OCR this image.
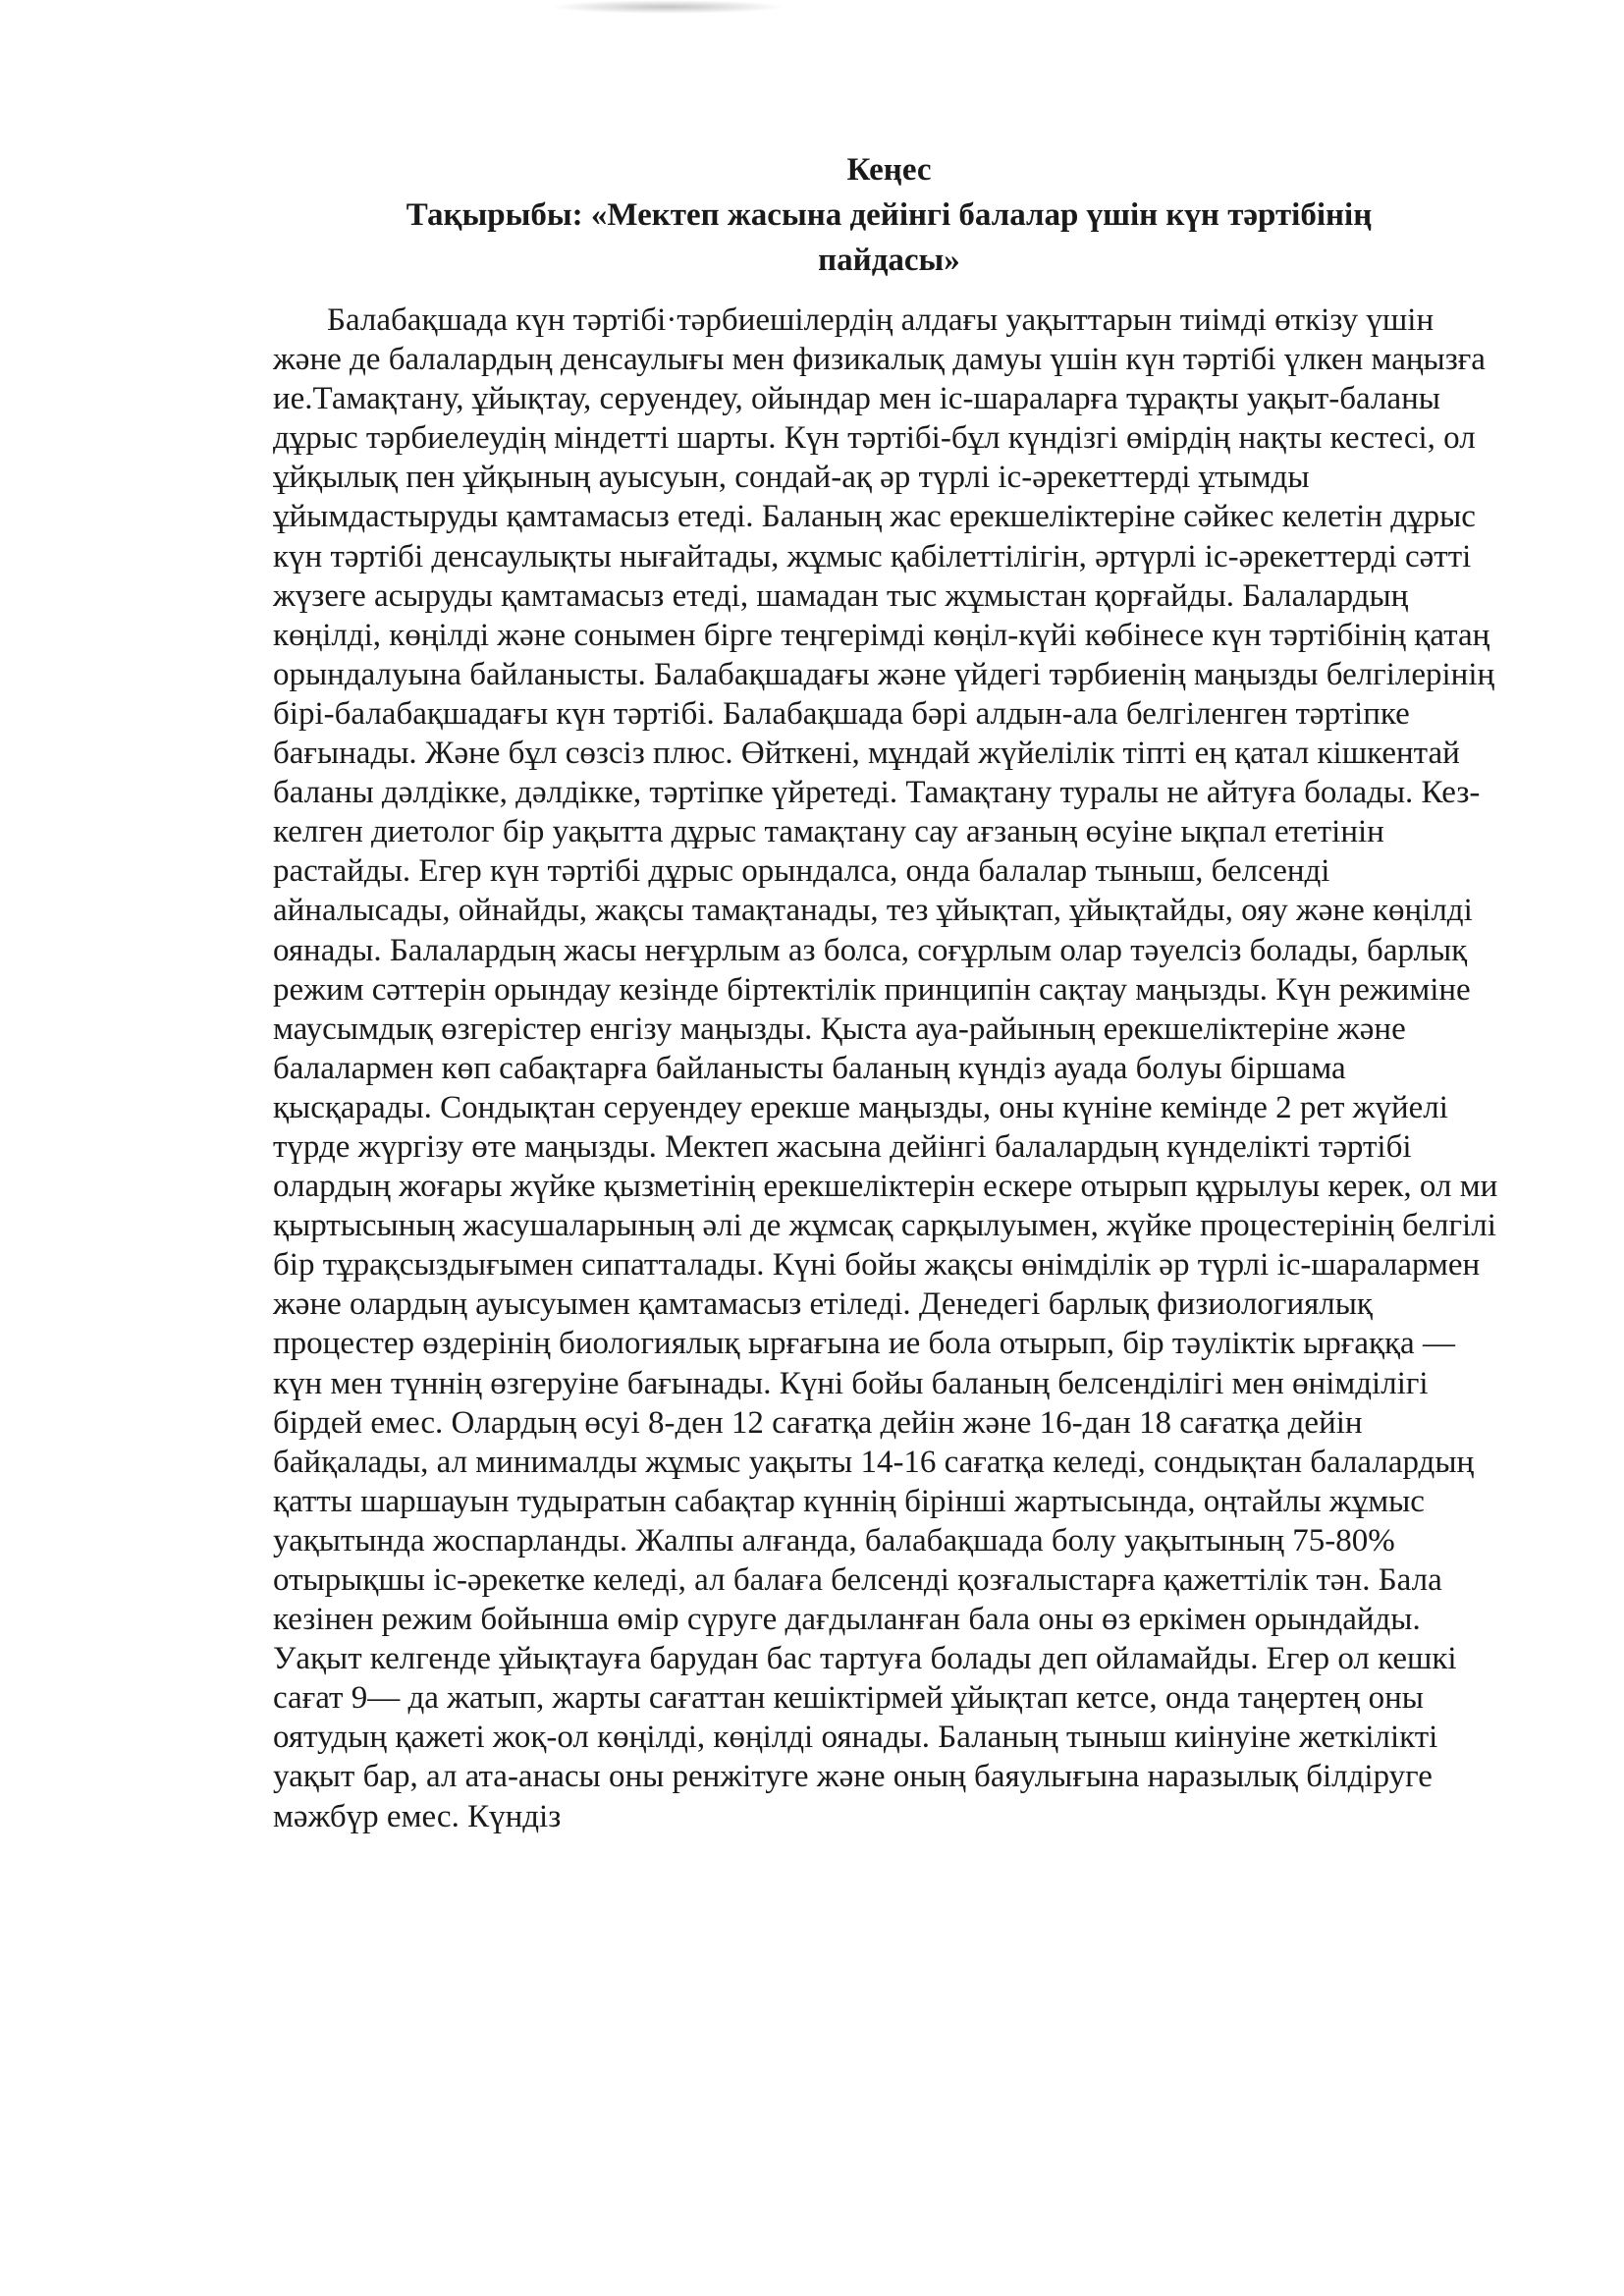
Кеңес

Тақырыбы: «Мектеп жасына дейінгі балалар үшін күн тәртібінің

пайдасы»

Балабақшада күн тәртібі·тәрбиешілердің алдағы уақыттарын тиімді өткізу үшін және де балалардың денсаулығы мен физикалық дамуы үшін күн тәртібі үлкен маңызға ие.Тамақтану, ұйықтау, серуендеу, ойындар мен іс-шараларға тұрақты уақыт-баланы дұрыс тәрбиелеудің міндетті шарты. Күн тәртібі-бұл күндізгі өмірдің нақты кестесі, ол ұйқылық пен ұйқының ауысуын, сондай-ақ әр түрлі іс-әрекеттерді ұтымды ұйымдастыруды қамтамасыз етеді. Баланың жас ерекшеліктеріне сәйкес келетін дұрыс күн тәртібі денсаулықты нығайтады, жұмыс қабілеттілігін, әртүрлі іс-әрекеттерді сәтті жүзеге асыруды қамтамасыз етеді, шамадан тыс жұмыстан қорғайды. Балалардың көңілді, көңілді және сонымен бірге теңгерімді көңіл-күйі көбінесе күн тәртібінің қатаң орындалуына байланысты. Балабақшадағы және үйдегі тәрбиенің маңызды белгілерінің бірі-балабақшадағы күн тәртібі. Балабақшада бәрі алдын-ала белгіленген тәртіпке бағынады. Және бұл сөзсіз плюс. Өйткені, мұндай жүйелілік тіпті ең қатал кішкентай баланы дәлдікке, дәлдікке, тәртіпке үйретеді. Тамақтану туралы не айтуға болады. Кез-келген диетолог бір уақытта дұрыс тамақтану сау ағзаның өсуіне ықпал ететінін растайды. Егер күн тәртібі дұрыс орындалса, онда балалар тыныш, белсенді айналысады, ойнайды, жақсы тамақтанады, тез ұйықтап, ұйықтайды, ояу және көңілді оянады. Балалардың жасы неғұрлым аз болса, соғұрлым олар тәуелсіз болады, барлық режим сәттерін орындау кезінде біртектілік принципін сақтау маңызды. Күн режиміне маусымдық өзгерістер енгізу маңызды. Қыста ауа-райының ерекшеліктеріне және балалармен көп сабақтарға байланысты баланың күндіз ауада болуы біршама қысқарады. Сондықтан серуендеу ерекше маңызды, оны күніне кемінде 2 рет жүйелі түрде жүргізу өте маңызды. Мектеп жасына дейінгі балалардың күнделікті тәртібі олардың жоғары жүйке қызметінің ерекшеліктерін ескере отырып құрылуы керек, ол ми қыртысының жасушаларының әлі де жұмсақ сарқылуымен, жүйке процестерінің белгілі бір тұрақсыздығымен сипатталады. Күні бойы жақсы өнімділік әр түрлі іс-шаралармен және олардың ауысуымен қамтамасыз етіледі. Денедегі барлық физиологиялық процестер өздерінің биологиялық ырғағына ие бола отырып, бір тәуліктік ырғаққа — күн мен түннің өзгеруіне бағынады. Күні бойы баланың белсенділігі мен өнімділігі бірдей емес. Олардың өсуі 8-ден 12 сағатқа дейін және 16-дан 18 сағатқа дейін байқалады, ал минималды жұмыс уақыты 14-16 сағатқа келеді, сондықтан балалардың қатты шаршауын тудыратын сабақтар күннің бірінші жартысында, оңтайлы жұмыс уақытында жоспарланды. Жалпы алғанда, балабақшада болу уақытының 75-80% отырықшы іс-әрекетке келеді, ал балаға белсенді қозғалыстарға қажеттілік тән. Бала кезінен режим бойынша өмір сүруге дағдыланған бала оны өз еркімен орындайды. Уақыт келгенде ұйықтауға барудан бас тартуға болады деп ойламайды. Егер ол кешкі сағат 9— да жатып, жарты сағаттан кешіктірмей ұйықтап кетсе, онда таңертең оны оятудың қажеті жоқ-ол көңілді, көңілді оянады. Баланың тыныш киінуіне жеткілікті уақыт бар, ал ата-анасы оны ренжітуге және оның баяулығына наразылық білдіруге мәжбүр емес. Күндіз
